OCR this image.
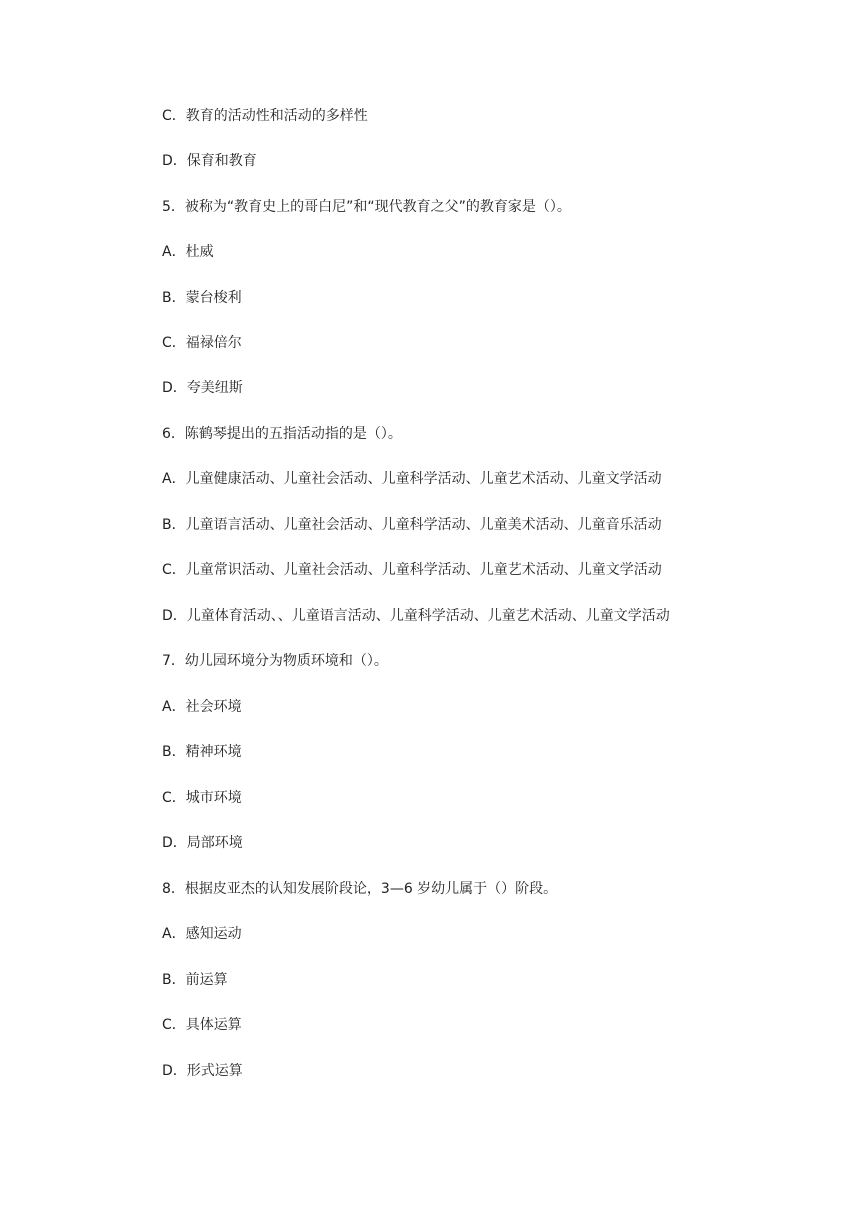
C．教育的活动性和活动的多样性
D．保育和教育
5．被称为“教育史上的哥白尼”和“现代教育之父”的教育家是（）。
A．杜威
B．蒙台梭利
C．福禄倍尔
D．夸美纽斯
6．陈鹤琴提出的五指活动指的是（）。
A．儿童健康活动、儿童社会活动、儿童科学活动、儿童艺术活动、儿童文学活动
B．儿童语言活动、儿童社会活动、儿童科学活动、儿童美术活动、儿童音乐活动
C．儿童常识活动、儿童社会活动、儿童科学活动、儿童艺术活动、儿童文学活动
D．儿童体育活动、、儿童语言活动、儿童科学活动、儿童艺术活动、儿童文学活动
7．幼儿园环境分为物质环境和（）。
A．社会环境
B．精神环境
C．城市环境
D．局部环境
8．根据皮亚杰的认知发展阶段论，3—6 岁幼儿属于（）阶段。
A．感知运动
B．前运算
C．具体运算
D．形式运算
